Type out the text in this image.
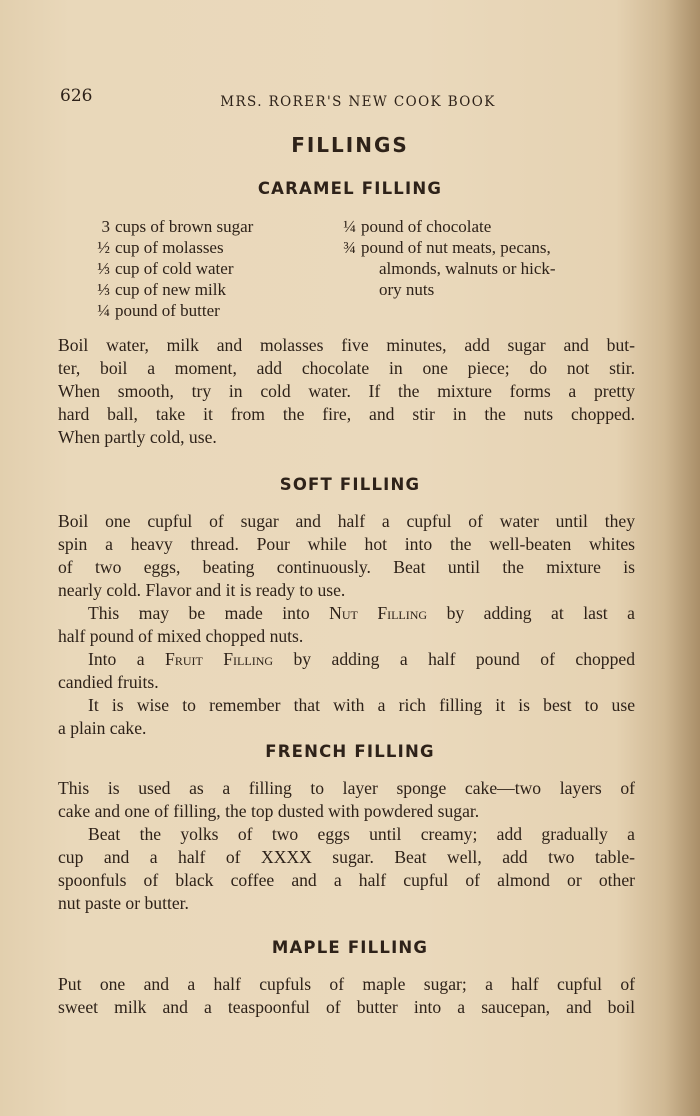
626	MRS. RORER'S NEW COOK BOOK
FILLINGS
CARAMEL FILLING
3 cups of brown sugar
½ cup of molasses
⅓ cup of cold water
⅓ cup of new milk
¼ pound of butter
¼ pound of chocolate
¾ pound of nut meats, pecans,
almonds, walnuts or hick-
ory nuts
Boil water, milk and molasses five minutes, add sugar and but-
ter, boil a moment, add chocolate in one piece; do not stir.
When smooth, try in cold water. If the mixture forms a pretty
hard ball, take it from the fire, and stir in the nuts chopped.
When partly cold, use.
SOFT FILLING
Boil one cupful of sugar and half a cupful of water until they
spin a heavy thread. Pour while hot into the well-beaten whites
of two eggs, beating continuously. Beat until the mixture is
nearly cold. Flavor and it is ready to use.
This may be made into Nut Filling by adding at last a
half pound of mixed chopped nuts.
Into a Fruit Filling by adding a half pound of chopped
candied fruits.
It is wise to remember that with a rich filling it is best to use
a plain cake.
FRENCH FILLING
This is used as a filling to layer sponge cake—two layers of
cake and one of filling, the top dusted with powdered sugar.
Beat the yolks of two eggs until creamy; add gradually a
cup and a half of XXXX sugar. Beat well, add two table-
spoonfuls of black coffee and a half cupful of almond or other
nut paste or butter.
MAPLE FILLING
Put one and a half cupfuls of maple sugar; a half cupful of
sweet milk and a teaspoonful of butter into a saucepan, and boil
